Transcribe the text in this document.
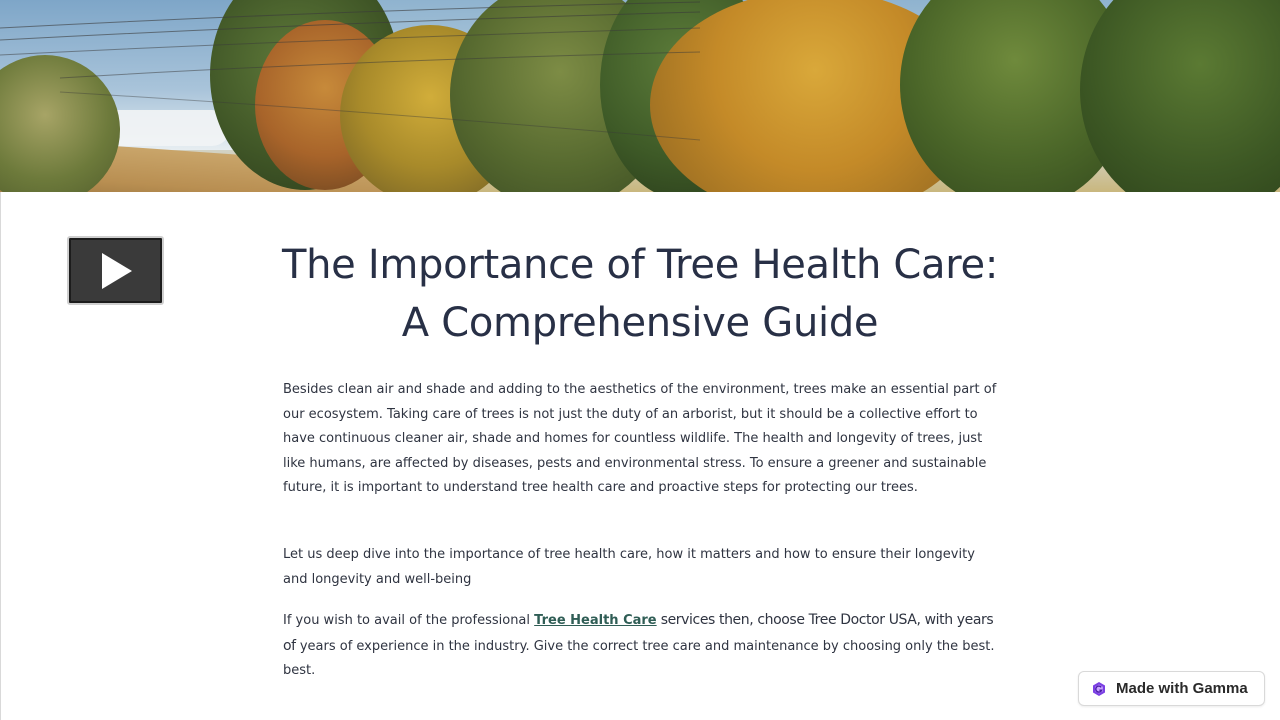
The Importance of Tree Health Care:
A Comprehensive Guide

Besides clean air and shade and adding to the aesthetics of the environment, trees make an essential part of our ecosystem. Taking care of trees is not just the duty of an arborist, but it should be a collective effort to have continuous cleaner air, shade and homes for countless wildlife. The health and longevity of trees, just like humans, are affected by diseases, pests and environmental stress. To ensure a greener and sustainable future, it is important to understand tree health care and proactive steps for protecting our trees.

Let us deep dive into the importance of tree health care, how it matters and how to ensure their longevity and longevity and well-being

If you wish to avail of the professional Tree Health Care services then, choose Tree Doctor USA, with years of years of experience in the industry. Give the correct tree care and maintenance by choosing only the best. best.

Made with Gamma
